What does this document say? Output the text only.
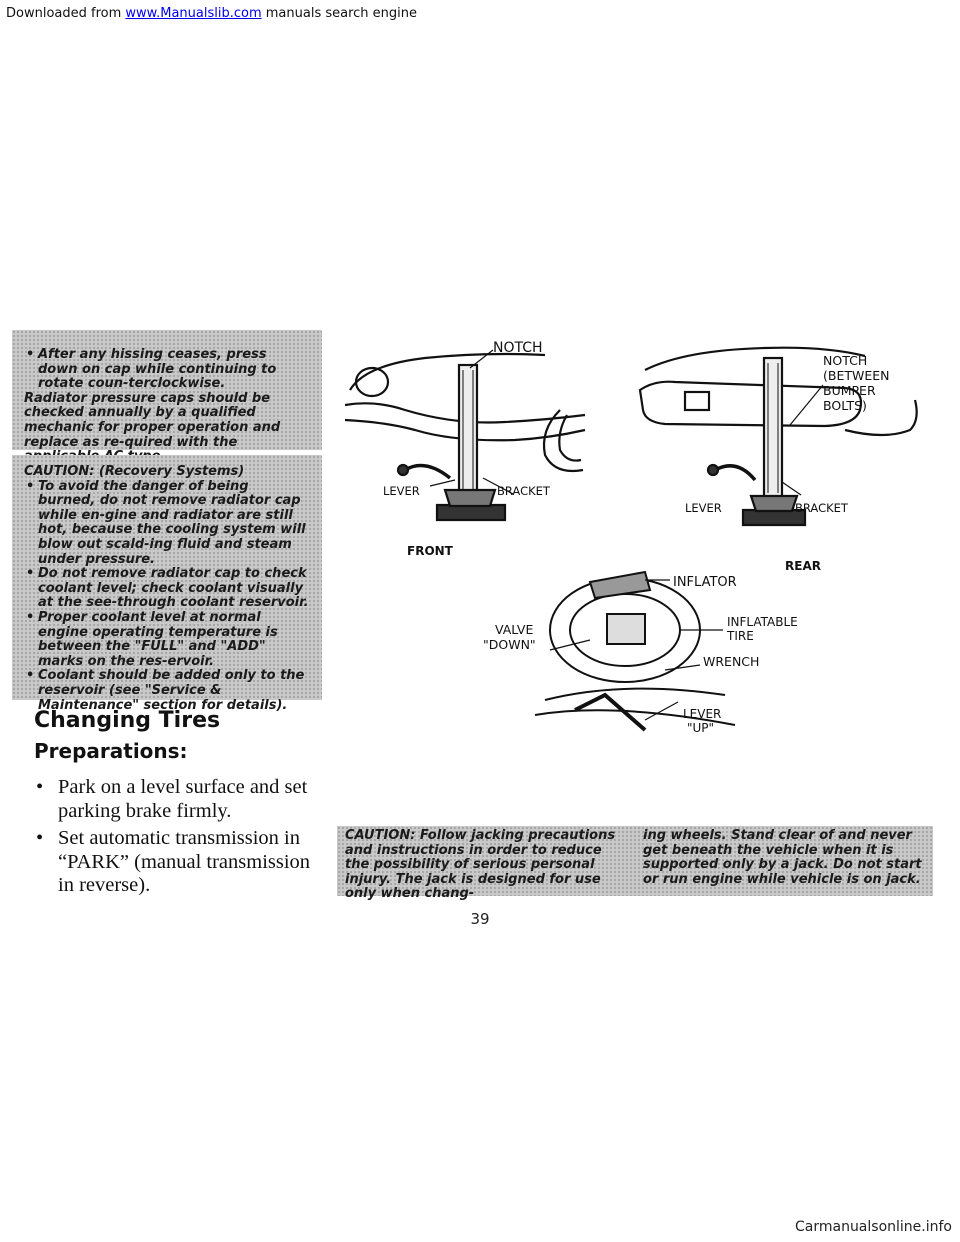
Downloaded from www.Manualslib.com manuals search engine

• After any hissing ceases, press down on cap while continuing to rotate coun-terclockwise.

Radiator pressure caps should be checked annually by a qualified mechanic for proper operation and replace as re-quired with the

CAUTION: (Recovery Systems)

• To avoid the danger of being burned, do not remove radiator cap while en-gine and radiator are still hot, because the cooling system will blow out scald-ing fluid and steam under pressure.

• Do not remove radiator cap to check coolant level; check coolant visually at the see-through coolant reservoir.

• Proper coolant level at normal engine operating temperature is between the "FULL" and "ADD" marks on the res-ervoir.

• Coolant should be added only to the reservoir (see "Service & Maintenance" section for details).

Changing Tires
Preparations:
• Park on a level surface and set parking brake firmly.
• Set automatic transmission in “PARK” (manual transmission in reverse).
NOTCH
LEVER	BRACKET
FRONT
NOTCH
(BETWEEN
BUMPER
BOLTS)
LEVER	BRACKET
REAR
INFLATOR
VALVE
"DOWN"
INFLATABLE
TIRE
WRENCH
LEVER
"UP"

CAUTION: Follow jacking precautions and instructions in order to reduce the possibility of serious personal injury. The jack is designed for use only when chang-

ing wheels. Stand clear of and never get beneath the vehicle when it is supported only by a jack. Do not start or run engine while vehicle is on jack.

39
Carmanualsonline.info
